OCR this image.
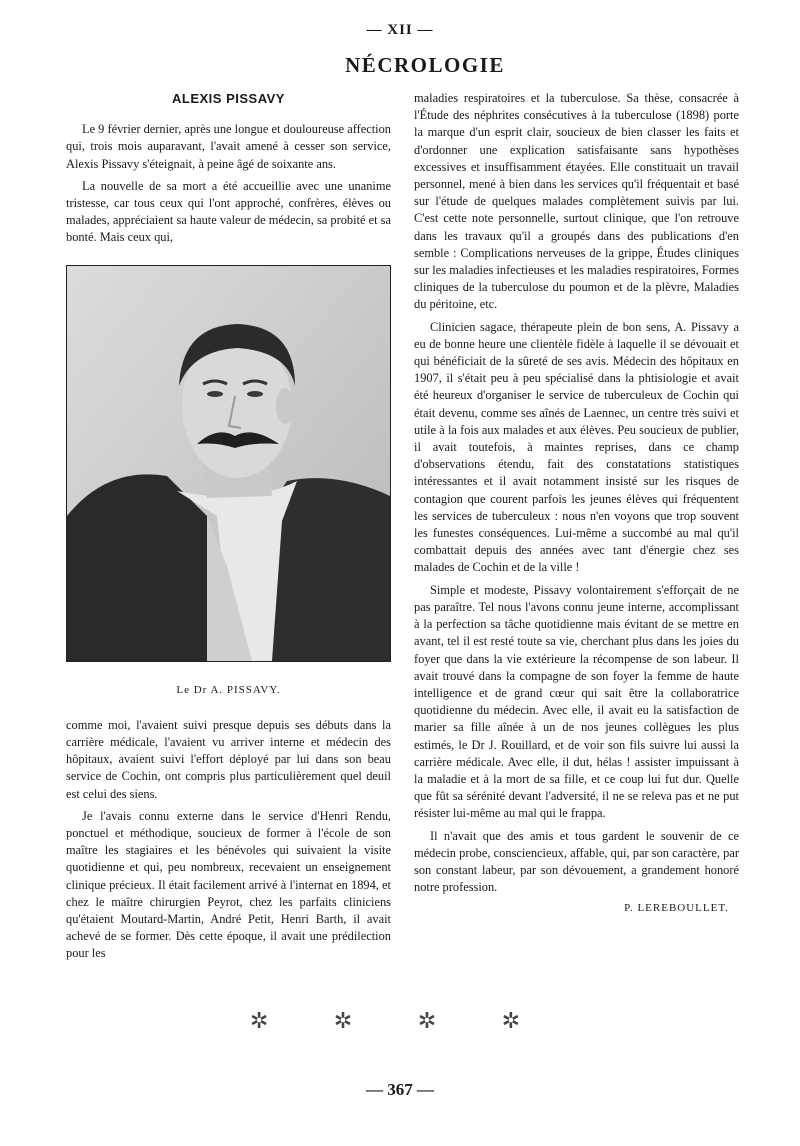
— XII —
NÉCROLOGIE
ALEXIS PISSAVY

Le 9 février dernier, après une longue et douloureuse affection qui, trois mois auparavant, l'avait amené à cesser son service, Alexis Pissavy s'éteignait, à peine âgé de soixante ans.

La nouvelle de sa mort a été accueillie avec une unanime tristesse, car tous ceux qui l'ont approché, confrères, élèves ou malades, appréciaient sa haute valeur de médecin, sa probité et sa bonté. Mais ceux qui,

Le Dr A. PISSAVY.

comme moi, l'avaient suivi presque depuis ses débuts dans la carrière médicale, l'avaient vu arriver interne et médecin des hôpitaux, avaient suivi l'effort déployé par lui dans son beau service de Cochin, ont compris plus particulièrement quel deuil est celui des siens.

Je l'avais connu externe dans le service d'Henri Rendu, ponctuel et méthodique, soucieux de former à l'école de son maître les stagiaires et les bénévoles qui suivaient la visite quotidienne et qui, peu nombreux, recevaient un enseignement clinique précieux. Il était facilement arrivé à l'internat en 1894, et chez le maître chirurgien Peyrot, chez les parfaits cliniciens qu'étaient Moutard-Martin, André Petit, Henri Barth, il avait achevé de se former. Dès cette époque, il avait une prédilection pour les

maladies respiratoires et la tuberculose. Sa thèse, consacrée à l'Étude des néphrites consécutives à la tuberculose (1898) porte la marque d'un esprit clair, soucieux de bien classer les faits et d'ordonner une explication satisfaisante sans hypothèses excessives et insuffisamment étayées. Elle constituait un travail personnel, mené à bien dans les services qu'il fréquentait et basé sur l'étude de quelques malades complètement suivis par lui. C'est cette note personnelle, surtout clinique, que l'on retrouve dans les travaux qu'il a groupés dans des publications d'en semble : Complications nerveuses de la grippe, Études cliniques sur les maladies infectieuses et les maladies respiratoires, Formes cliniques de la tuberculose du poumon et de la plèvre, Maladies du péritoine, etc.

Clinicien sagace, thérapeute plein de bon sens, A. Pissavy a eu de bonne heure une clientèle fidèle à laquelle il se dévouait et qui bénéficiait de la sûreté de ses avis. Médecin des hôpitaux en 1907, il s'était peu à peu spécialisé dans la phtisiologie et avait été heureux d'organiser le service de tuberculeux de Cochin qui était devenu, comme ses aînés de Laennec, un centre très suivi et utile à la fois aux malades et aux élèves. Peu soucieux de publier, il avait toutefois, à maintes reprises, dans ce champ d'observations étendu, fait des constatations statistiques intéressantes et il avait notamment insisté sur les risques de contagion que courent parfois les jeunes élèves qui fréquentent les services de tuberculeux : nous n'en voyons que trop souvent les funestes conséquences. Lui-même a succombé au mal qu'il combattait depuis des années avec tant d'énergie chez ses malades de Cochin et de la ville !

Simple et modeste, Pissavy volontairement s'efforçait de ne pas paraître. Tel nous l'avons connu jeune interne, accomplissant à la perfection sa tâche quotidienne mais évitant de se mettre en avant, tel il est resté toute sa vie, cherchant plus dans les joies du foyer que dans la vie extérieure la récompense de son labeur. Il avait trouvé dans la compagne de son foyer la femme de haute intelligence et de grand cœur qui sait être la collaboratrice quotidienne du médecin. Avec elle, il avait eu la satisfaction de marier sa fille aînée à un de nos jeunes collègues les plus estimés, le Dr J. Rouillard, et de voir son fils suivre lui aussi la carrière médicale. Avec elle, il dut, hélas ! assister impuissant à la maladie et à la mort de sa fille, et ce coup lui fut dur. Quelle que fût sa sérénité devant l'adversité, il ne se releva pas et ne put résister lui-même au mal qui le frappa.

Il n'avait que des amis et tous gardent le souvenir de ce médecin probe, consciencieux, affable, qui, par son caractère, par son constant labeur, par son dévouement, a grandement honoré notre profession.

P. LEREBOULLET.
✲ ✲ ✲ ✲
— 367 —
